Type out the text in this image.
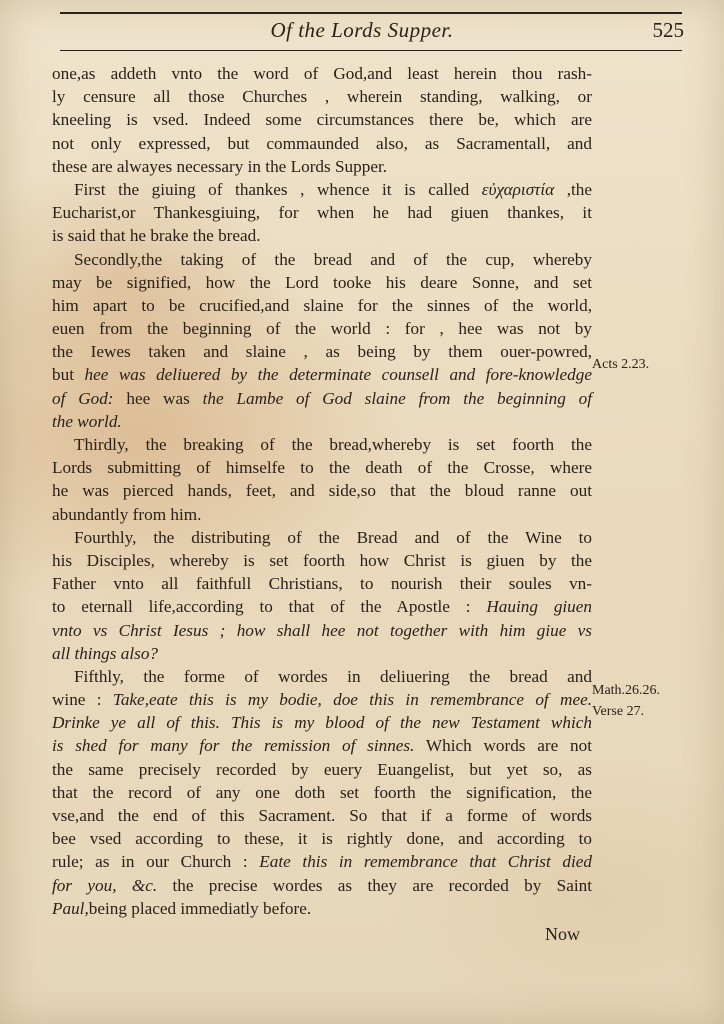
Of the Lords Supper.	525
one,as addeth vnto the word of God,and least herein thou rash-
ly censure all those Churches , wherein standing, walking, or
kneeling is vsed. Indeed some circumstances there be, which are
not only expressed, but commaunded also, as Sacramentall, and
these are alwayes necessary in the Lords Supper.
First the giuing of thankes , whence it is called εὐχαριστία ,the
Eucharist,or Thankesgiuing, for when he had giuen thankes, it
is said that he brake the bread.
Secondly,the taking of the bread and of the cup, whereby
may be signified, how the Lord tooke his deare Sonne, and set
him apart to be crucified,and slaine for the sinnes of the world,
euen from the beginning of the world : for , hee was not by
the Iewes taken and slaine , as being by them ouer-powred,
but hee was deliuered by the determinate counsell and fore-knowledge
of God: hee was the Lambe of God slaine from the beginning of
the world.
Thirdly, the breaking of the bread,whereby is set foorth the
Lords submitting of himselfe to the death of the Crosse, where
he was pierced hands, feet, and side,so that the bloud ranne out
abundantly from him.
Fourthly, the distributing of the Bread and of the Wine to
his Disciples, whereby is set foorth how Christ is giuen by the
Father vnto all faithfull Christians, to nourish their soules vn-
to eternall life,according to that of the Apostle : Hauing giuen
vnto vs Christ Iesus ; how shall hee not together with him giue vs
all things also?
Fifthly, the forme of wordes in deliuering the bread and
wine : Take,eate this is my bodie, doe this in remembrance of mee.
Drinke ye all of this. This is my blood of the new Testament which
is shed for many for the remission of sinnes. Which words are not
the same precisely recorded by euery Euangelist, but yet so, as
that the record of any one doth set foorth the signification, the
vse,and the end of this Sacrament. So that if a forme of words
bee vsed according to these, it is rightly done, and according to
rule; as in our Church : Eate this in remembrance that Christ died
for you, &c. the precise wordes as they are recorded by Saint
Paul,being placed immediatly before.
Acts 2.23.
Math.26.26.
Verse 27.
Now
